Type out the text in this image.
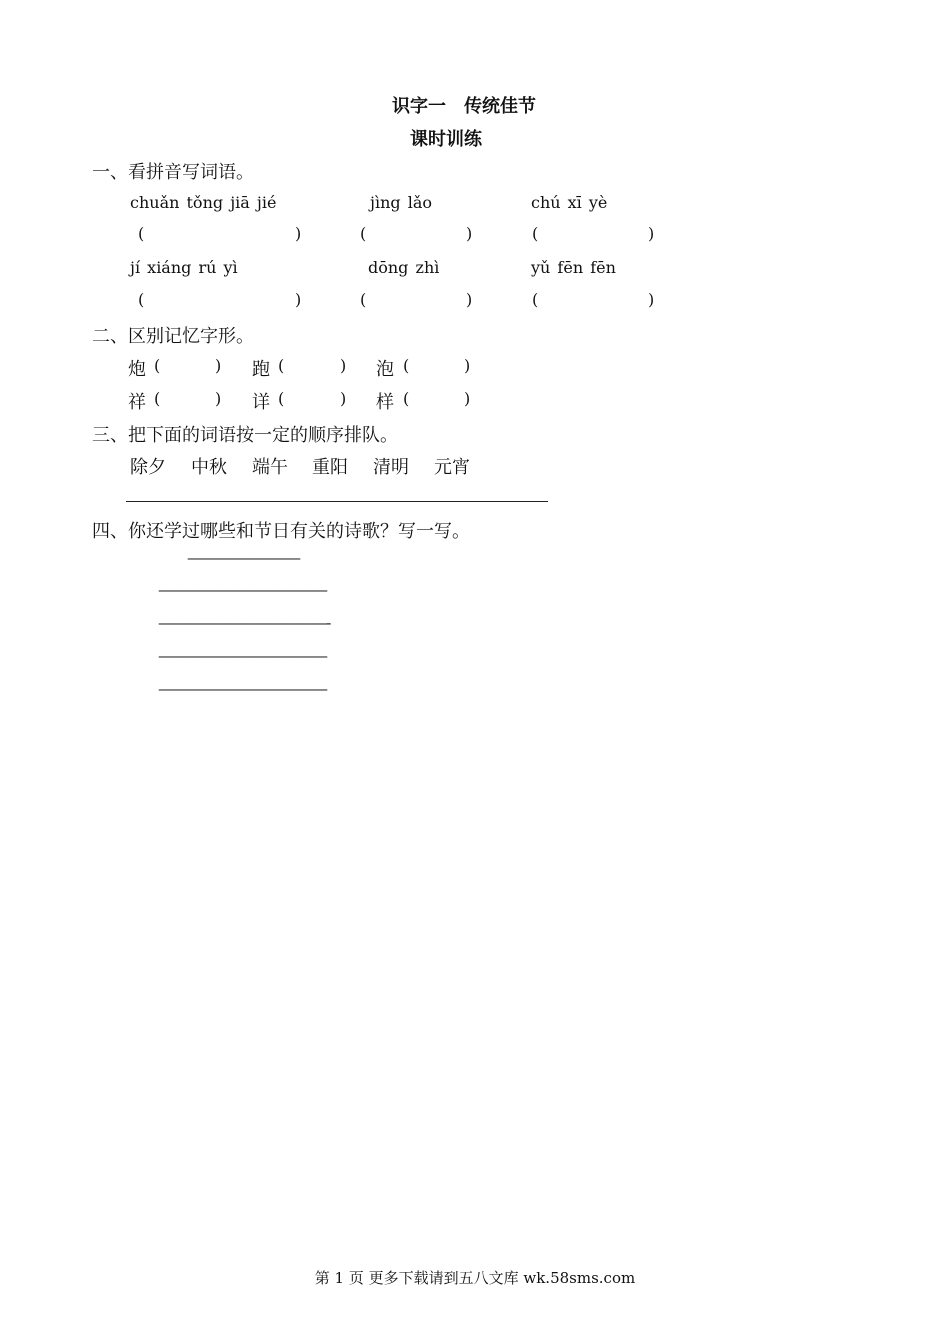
识字一　传统佳节
课时训练
一、看拼音写词语。
chuǎn tǒng jiā jié	jìng lǎo	chú xī yè
(	)	(	)	(	)
jí xiáng rú yì	dōng zhì	yǔ fēn fēn
(	)	(	)	(	)
二、区别记忆字形。
炮 (	) 跑 (	) 泡 (	)
祥 (	) 详 (	) 样 (	)
三、把下面的词语按一定的顺序排队。
除夕 中秋 端午 重阳 清明 元宵
四、你还学过哪些和节日有关的诗歌？写一写。
————————
————————————
————————————-
————————————
————————————
第 1 页 更多下载请到五八文库 wk.58sms.com
